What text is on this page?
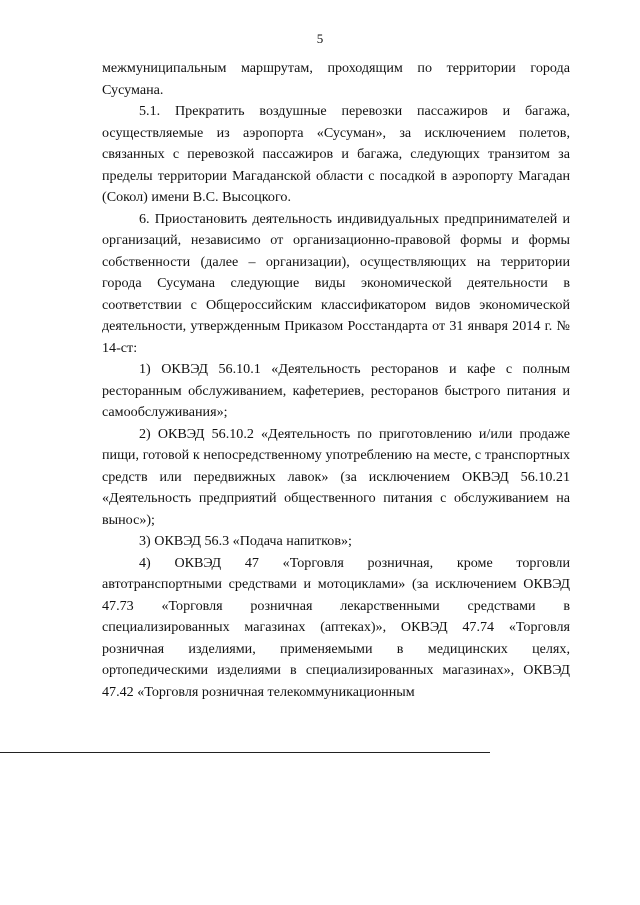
5

межмуниципальным маршрутам, проходящим по территории города Сусумана.

5.1. Прекратить воздушные перевозки пассажиров и багажа, осуществляемые из аэропорта «Сусуман», за исключением полетов, связанных с перевозкой пассажиров и багажа, следующих транзитом за пределы территории Магаданской области с посадкой в аэропорту Магадан (Сокол) имени В.С. Высоцкого.

6. Приостановить деятельность индивидуальных предпринимателей и организаций, независимо от организационно-правовой формы и формы собственности (далее – организации), осуществляющих на территории города Сусумана следующие виды экономической деятельности в соответствии с Общероссийским классификатором видов экономической деятельности, утвержденным Приказом Росстандарта от 31 января 2014 г. № 14-ст:

1) ОКВЭД 56.10.1 «Деятельность ресторанов и кафе с полным ресторанным обслуживанием, кафетериев, ресторанов быстрого питания и самообслуживания»;

2) ОКВЭД 56.10.2 «Деятельность по приготовлению и/или продаже пищи, готовой к непосредственному употреблению на месте, с транспортных средств или передвижных лавок» (за исключением ОКВЭД 56.10.21 «Деятельность предприятий общественного питания с обслуживанием на вынос»);

3) ОКВЭД 56.3 «Подача напитков»;

4) ОКВЭД 47 «Торговля розничная, кроме торговли автотранспортными средствами и мотоциклами» (за исключением ОКВЭД 47.73 «Торговля розничная лекарственными средствами в специализированных магазинах (аптеках)», ОКВЭД 47.74 «Торговля розничная изделиями, применяемыми в медицинских целях, ортопедическими изделиями в специализированных магазинах», ОКВЭД 47.42 «Торговля розничная телекоммуникационным
